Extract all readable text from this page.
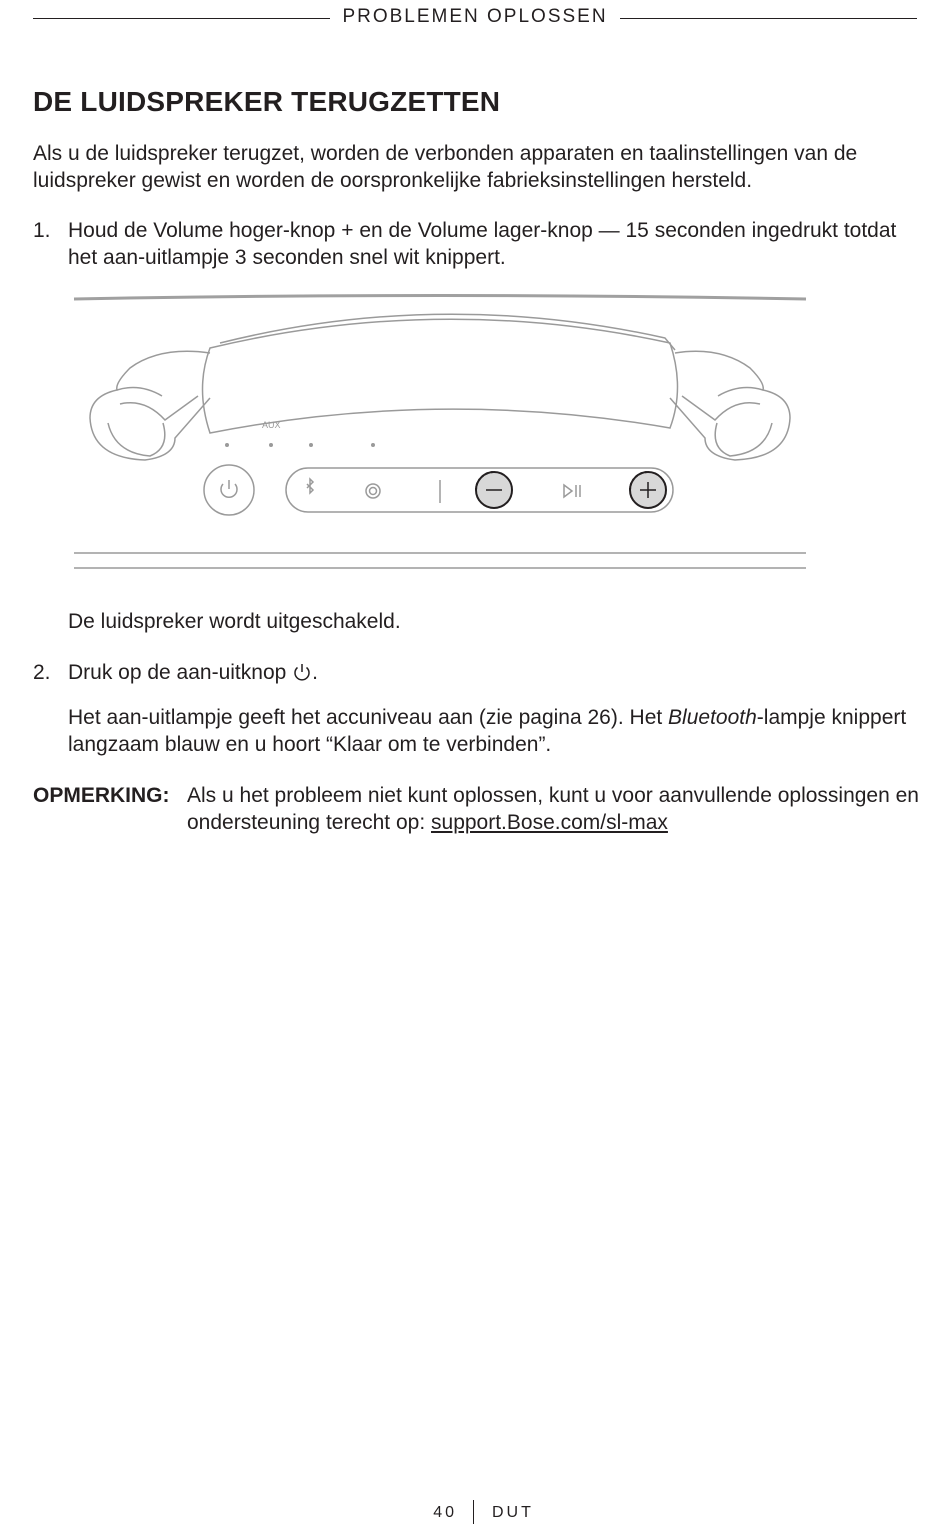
PROBLEMEN OPLOSSEN
DE LUIDSPREKER TERUGZETTEN

Als u de luidspreker terugzet, worden de verbonden apparaten en taalinstellingen van de luidspreker gewist en worden de oorspronkelijke fabrieksinstellingen hersteld.

1. Houd de Volume hoger-knop + en de Volume lager-knop — 15 seconden ingedrukt totdat het aan-uitlampje 3 seconden snel wit knippert.

AUX

De luidspreker wordt uitgeschakeld.

2. Druk op de aan-uitknop .

Het aan-uitlampje geeft het accuniveau aan (zie pagina 26). Het Bluetooth-lampje knippert langzaam blauw en u hoort “Klaar om te verbinden”.

OPMERKING: Als u het probleem niet kunt oplossen, kunt u voor aanvullende oplossingen en ondersteuning terecht op: support.Bose.com/sl-max

40 DUT
